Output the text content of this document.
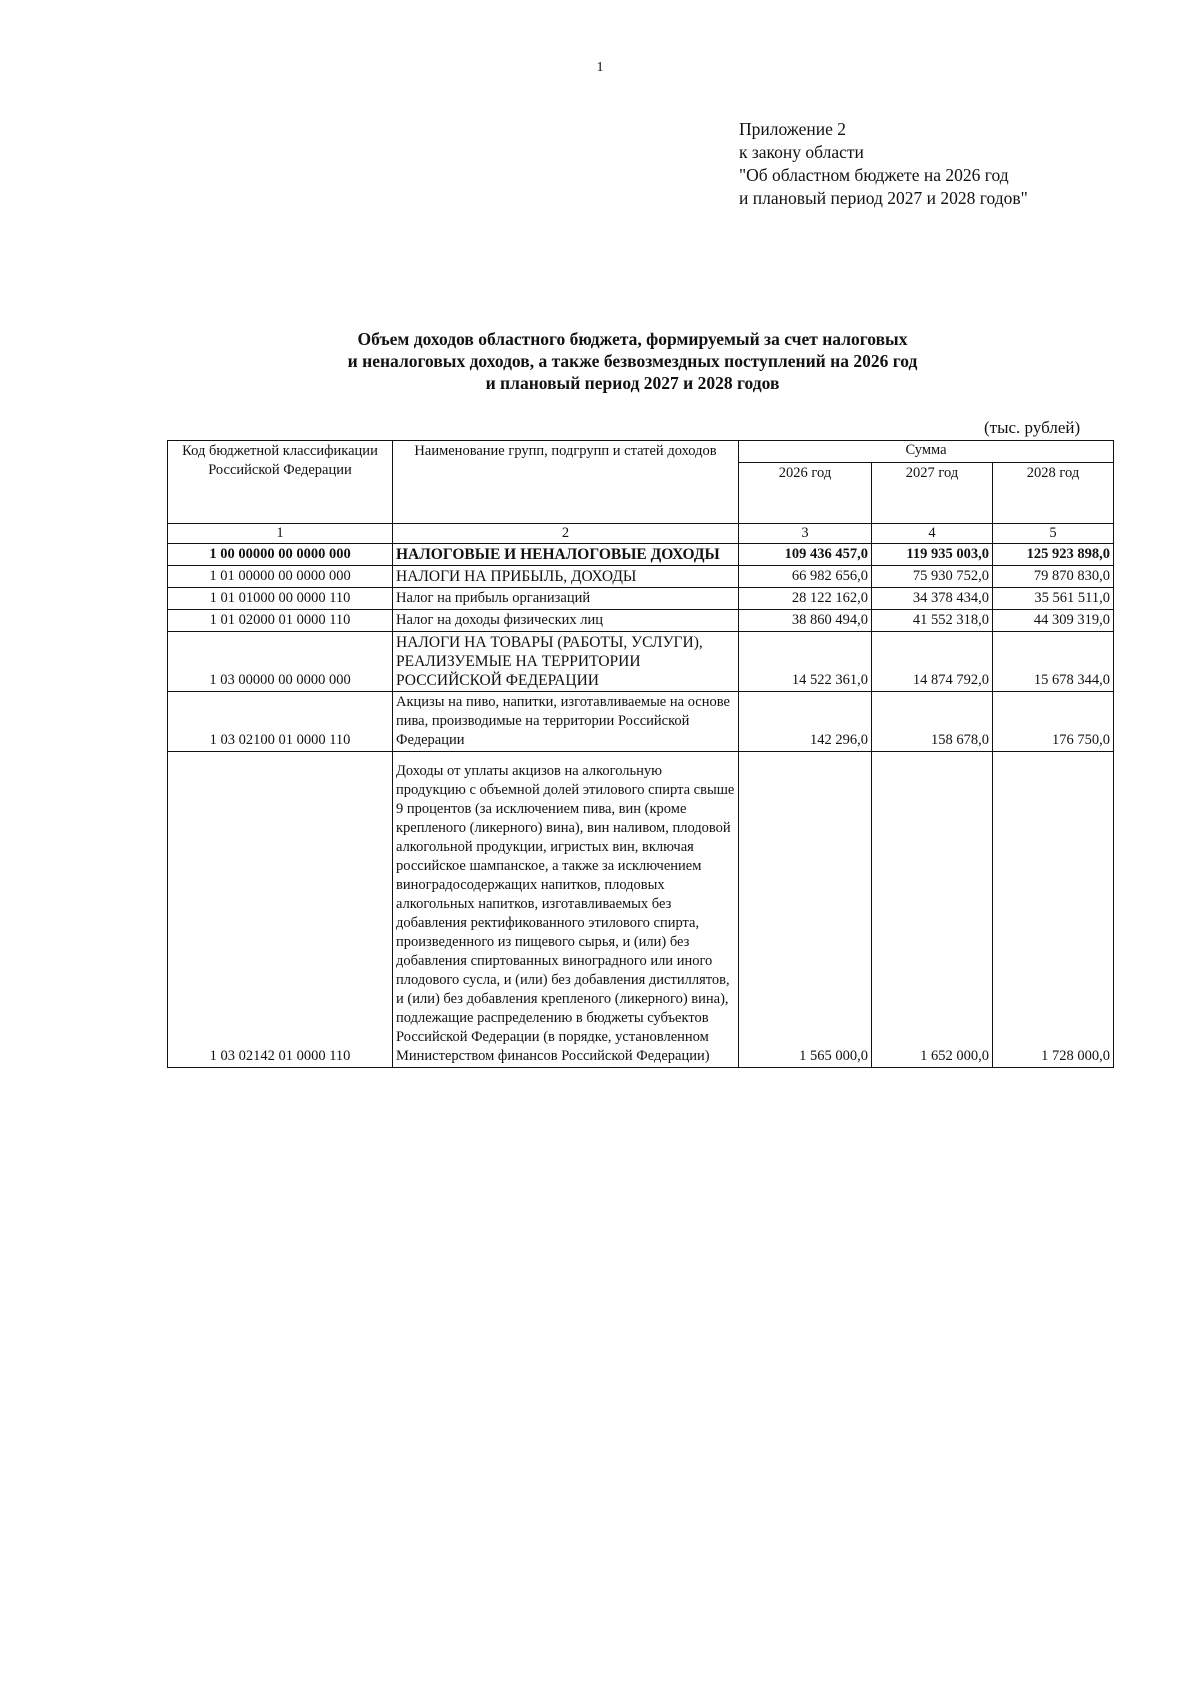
1
Приложение 2
к закону области
"Об областном бюджете на 2026 год
и плановый период 2027 и 2028 годов"
Объем доходов областного бюджета, формируемый за счет налоговых
и неналоговых доходов, а также безвозмездных поступлений на 2026 год
и плановый период 2027 и 2028 годов
(тыс. рублей)
Код бюджетной классификации Российской Федерации	Наименование групп, подгрупп и статей доходов	Сумма		
		2026 год	2027 год	2028 год
1	2	3	4	5
1 00 00000 00 0000 000	НАЛОГОВЫЕ И НЕНАЛОГОВЫЕ ДОХОДЫ	109 436 457,0	119 935 003,0	125 923 898,0
1 01 00000 00 0000 000	НАЛОГИ НА ПРИБЫЛЬ, ДОХОДЫ	66 982 656,0	75 930 752,0	79 870 830,0
1 01 01000 00 0000 110	Налог на прибыль организаций	28 122 162,0	34 378 434,0	35 561 511,0
1 01 02000 01 0000 110	Налог на доходы физических лиц	38 860 494,0	41 552 318,0	44 309 319,0
1 03 00000 00 0000 000	НАЛОГИ НА ТОВАРЫ (РАБОТЫ, УСЛУГИ), РЕАЛИЗУЕМЫЕ НА ТЕРРИТОРИИ РОССИЙСКОЙ ФЕДЕРАЦИИ	14 522 361,0	14 874 792,0	15 678 344,0
1 03 02100 01 0000 110	Акцизы на пиво, напитки, изготавливаемые на основе пива, производимые на территории Российской Федерации	142 296,0	158 678,0	176 750,0
1 03 02142 01 0000 110	Доходы от уплаты акцизов на алкогольную продукцию с объемной долей этилового спирта свыше 9 процентов (за исключением пива, вин (кроме крепленого (ликерного) вина), вин наливом, плодовой алкогольной продукции, игристых вин, включая российское шампанское, а также за исключением виноградосодержащих напитков, плодовых алкогольных напитков, изготавливаемых без добавления ректификованного этилового спирта, произведенного из пищевого сырья, и (или) без добавления спиртованных виноградного или иного плодового сусла, и (или) без добавления дистиллятов, и (или) без добавления крепленого (ликерного) вина), подлежащие распределению в бюджеты субъектов Российской Федерации (в порядке, установленном Министерством финансов Российской Федерации)	1 565 000,0	1 652 000,0	1 728 000,0
